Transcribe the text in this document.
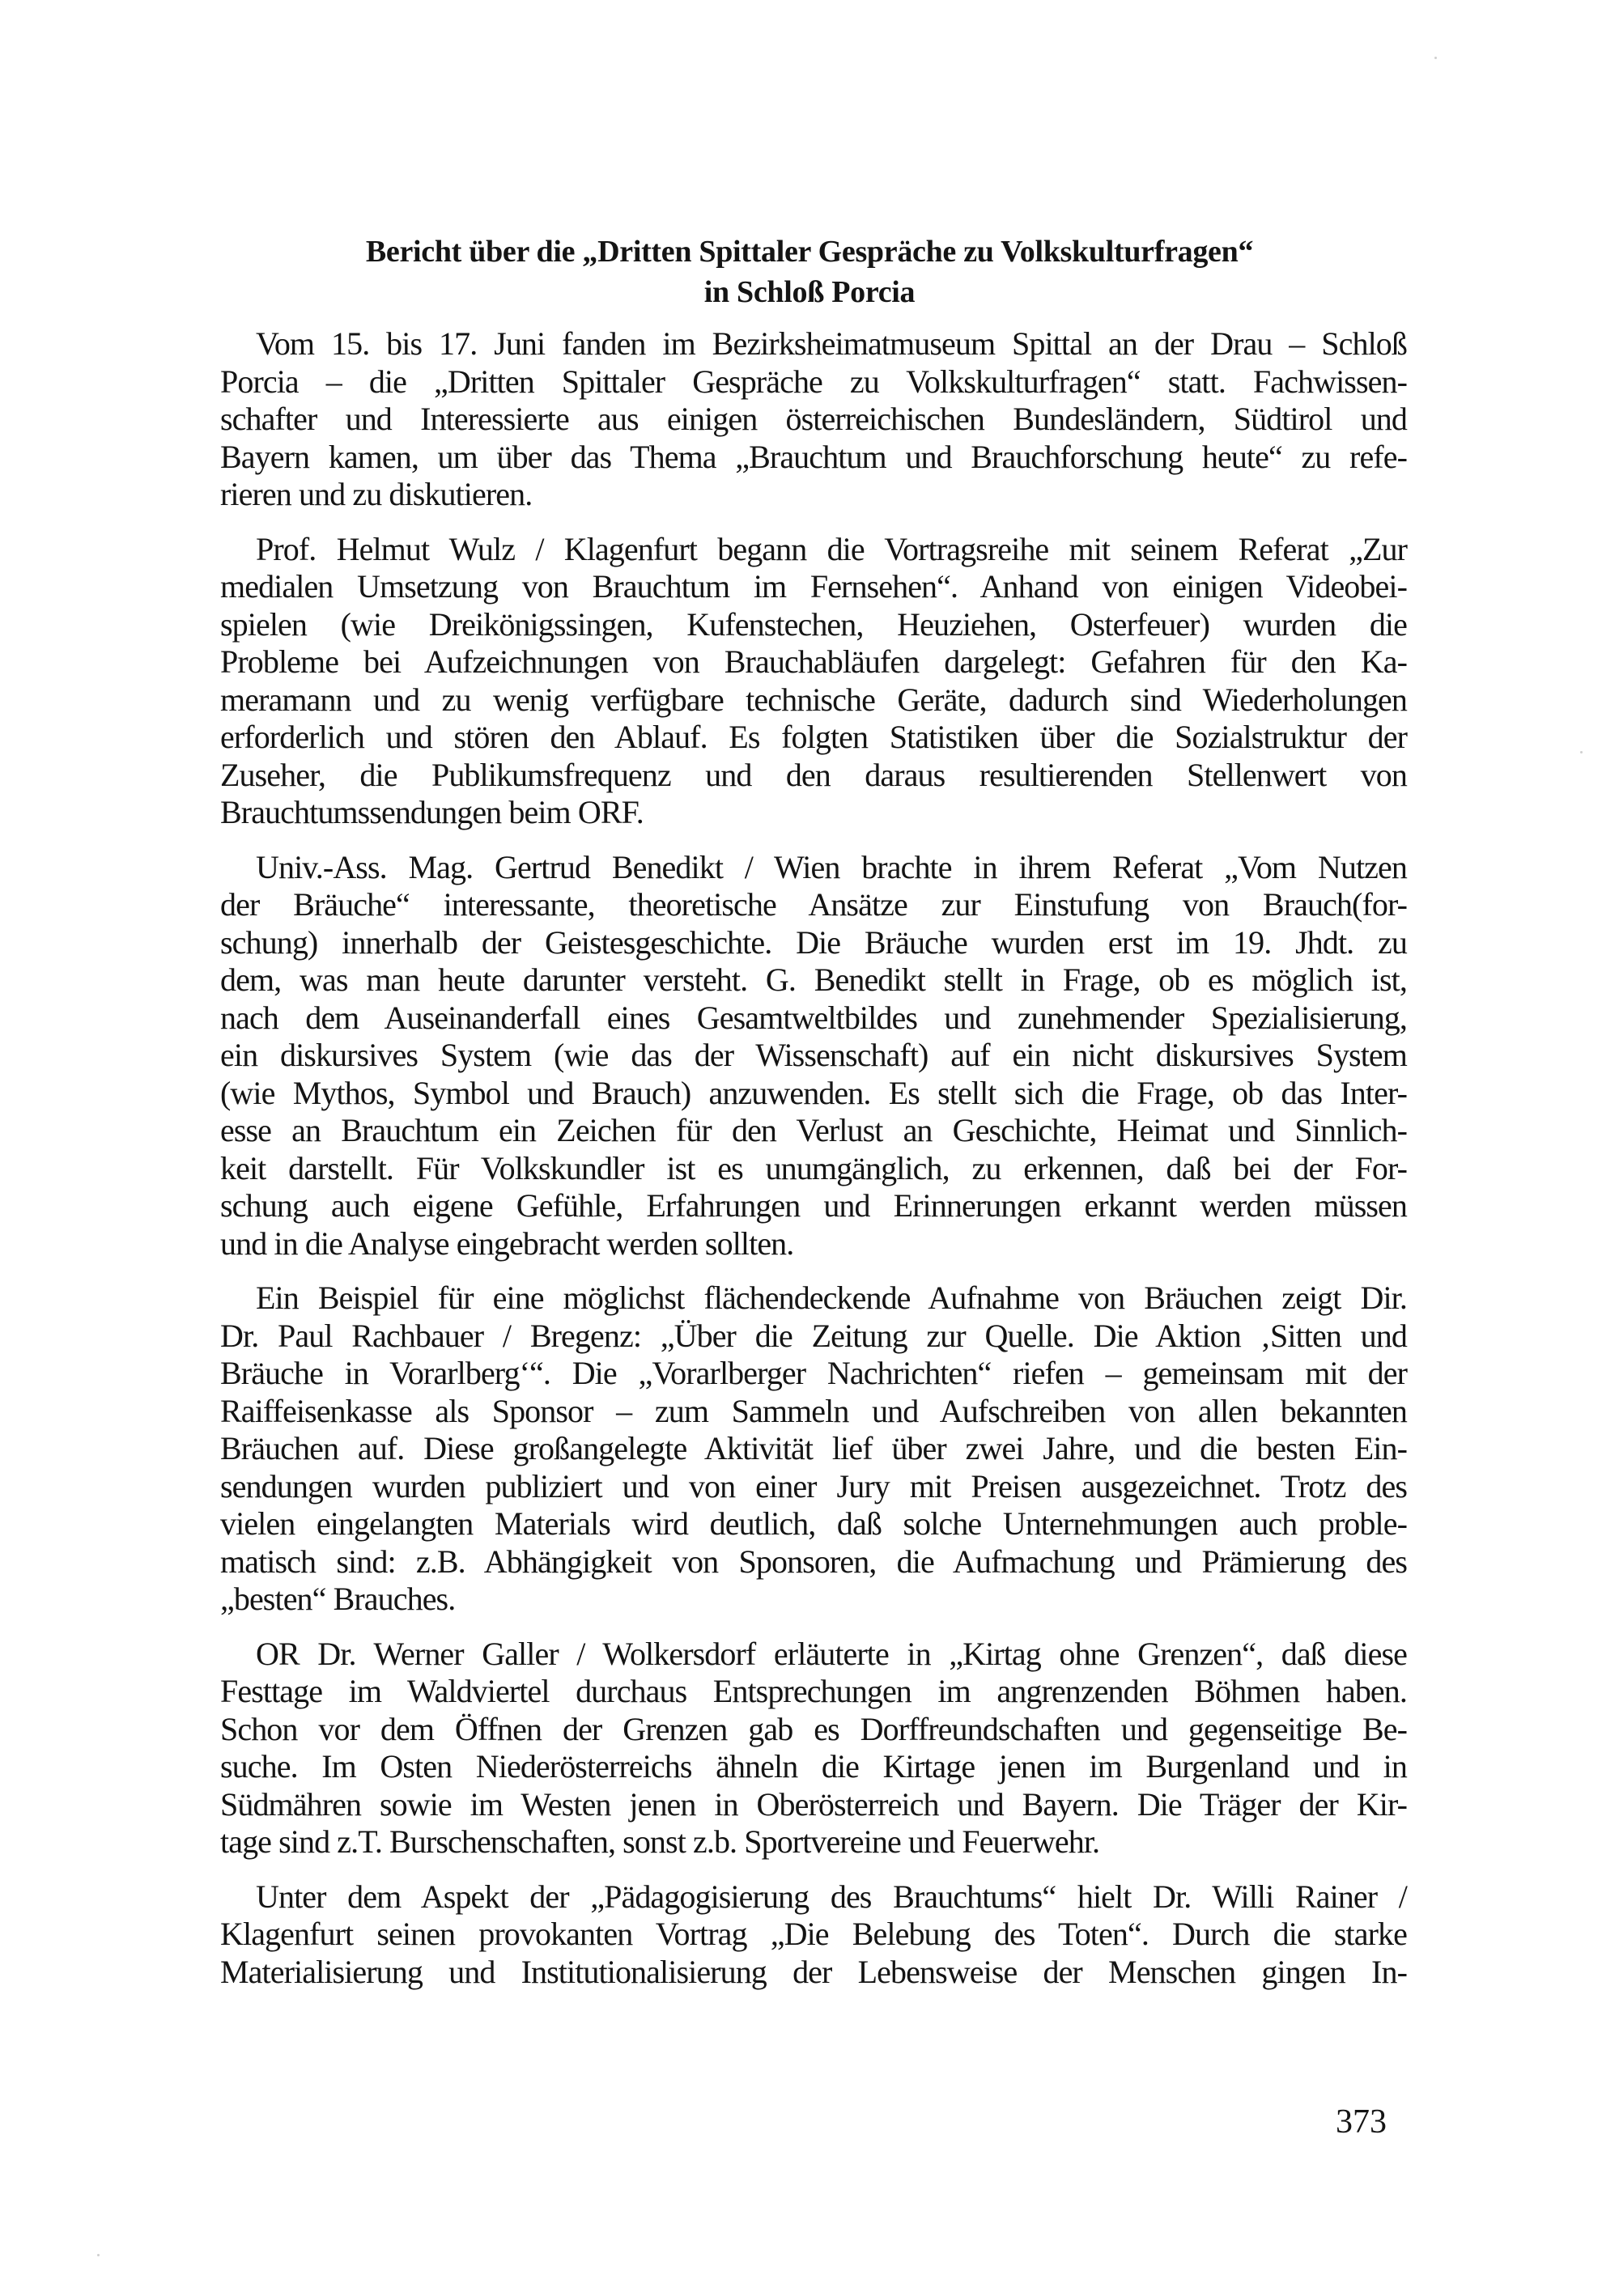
Bericht über die „Dritten Spittaler Gespräche zu Volkskulturfragen“
in Schloß Porcia
Vom 15. bis 17. Juni fanden im Bezirksheimatmuseum Spittal an der Drau – Schloß
Porcia – die „Dritten Spittaler Gespräche zu Volkskulturfragen“ statt. Fachwissen-
schafter und Interessierte aus einigen österreichischen Bundesländern, Südtirol und
Bayern kamen, um über das Thema „Brauchtum und Brauchforschung heute“ zu refe-
rieren und zu diskutieren.
Prof. Helmut Wulz / Klagenfurt begann die Vortragsreihe mit seinem Referat „Zur
medialen Umsetzung von Brauchtum im Fernsehen“. Anhand von einigen Videobei-
spielen (wie Dreikönigssingen, Kufenstechen, Heuziehen, Osterfeuer) wurden die
Probleme bei Aufzeichnungen von Brauchabläufen dargelegt: Gefahren für den Ka-
meramann und zu wenig verfügbare technische Geräte, dadurch sind Wiederholungen
erforderlich und stören den Ablauf. Es folgten Statistiken über die Sozialstruktur der
Zuseher, die Publikumsfrequenz und den daraus resultierenden Stellenwert von
Brauchtumssendungen beim ORF.
Univ.-Ass. Mag. Gertrud Benedikt / Wien brachte in ihrem Referat „Vom Nutzen
der Bräuche“ interessante, theoretische Ansätze zur Einstufung von Brauch(for-
schung) innerhalb der Geistesgeschichte. Die Bräuche wurden erst im 19. Jhdt. zu
dem, was man heute darunter versteht. G. Benedikt stellt in Frage, ob es möglich ist,
nach dem Auseinanderfall eines Gesamtweltbildes und zunehmender Spezialisierung,
ein diskursives System (wie das der Wissenschaft) auf ein nicht diskursives System
(wie Mythos, Symbol und Brauch) anzuwenden. Es stellt sich die Frage, ob das Inter-
esse an Brauchtum ein Zeichen für den Verlust an Geschichte, Heimat und Sinnlich-
keit darstellt. Für Volkskundler ist es unumgänglich, zu erkennen, daß bei der For-
schung auch eigene Gefühle, Erfahrungen und Erinnerungen erkannt werden müssen
und in die Analyse eingebracht werden sollten.
Ein Beispiel für eine möglichst flächendeckende Aufnahme von Bräuchen zeigt Dir.
Dr. Paul Rachbauer / Bregenz: „Über die Zeitung zur Quelle. Die Aktion ‚Sitten und
Bräuche in Vorarlberg‘“. Die „Vorarlberger Nachrichten“ riefen – gemeinsam mit der
Raiffeisenkasse als Sponsor – zum Sammeln und Aufschreiben von allen bekannten
Bräuchen auf. Diese großangelegte Aktivität lief über zwei Jahre, und die besten Ein-
sendungen wurden publiziert und von einer Jury mit Preisen ausgezeichnet. Trotz des
vielen eingelangten Materials wird deutlich, daß solche Unternehmungen auch proble-
matisch sind: z.B. Abhängigkeit von Sponsoren, die Aufmachung und Prämierung des
„besten“ Brauches.
OR Dr. Werner Galler / Wolkersdorf erläuterte in „Kirtag ohne Grenzen“, daß diese
Festtage im Waldviertel durchaus Entsprechungen im angrenzenden Böhmen haben.
Schon vor dem Öffnen der Grenzen gab es Dorffreundschaften und gegenseitige Be-
suche. Im Osten Niederösterreichs ähneln die Kirtage jenen im Burgenland und in
Südmähren sowie im Westen jenen in Oberösterreich und Bayern. Die Träger der Kir-
tage sind z.T. Burschenschaften, sonst z.b. Sportvereine und Feuerwehr.
Unter dem Aspekt der „Pädagogisierung des Brauchtums“ hielt Dr. Willi Rainer /
Klagenfurt seinen provokanten Vortrag „Die Belebung des Toten“. Durch die starke
Materialisierung und Institutionalisierung der Lebensweise der Menschen gingen In-
373
